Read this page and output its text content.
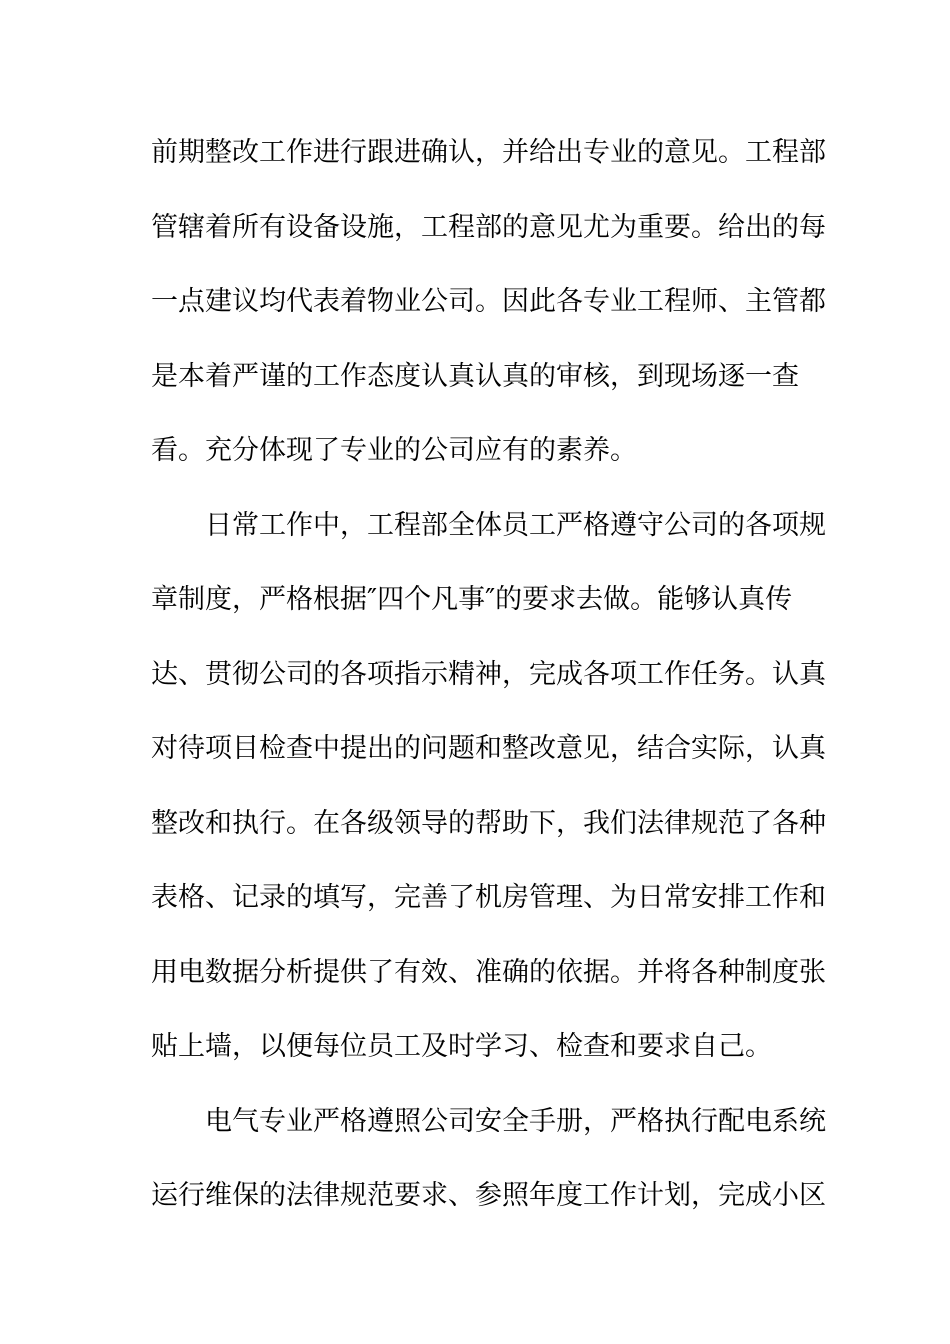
前期整改工作进行跟进确认，并给出专业的意见。工程部
管辖着所有设备设施，工程部的意见尤为重要。给出的每
一点建议均代表着物业公司。因此各专业工程师、主管都
是本着严谨的工作态度认真认真的审核，到现场逐一查
看。充分体现了专业的公司应有的素养。
日常工作中，工程部全体员工严格遵守公司的各项规
章制度，严格根据″四个凡事″的要求去做。能够认真传
达、贯彻公司的各项指示精神，完成各项工作任务。认真
对待项目检查中提出的问题和整改意见，结合实际，认真
整改和执行。在各级领导的帮助下，我们法律规范了各种
表格、记录的填写，完善了机房管理、为日常安排工作和
用电数据分析提供了有效、准确的依据。并将各种制度张
贴上墙，以便每位员工及时学习、检查和要求自己。
电气专业严格遵照公司安全手册，严格执行配电系统
运行维保的法律规范要求、参照年度工作计划，完成小区
